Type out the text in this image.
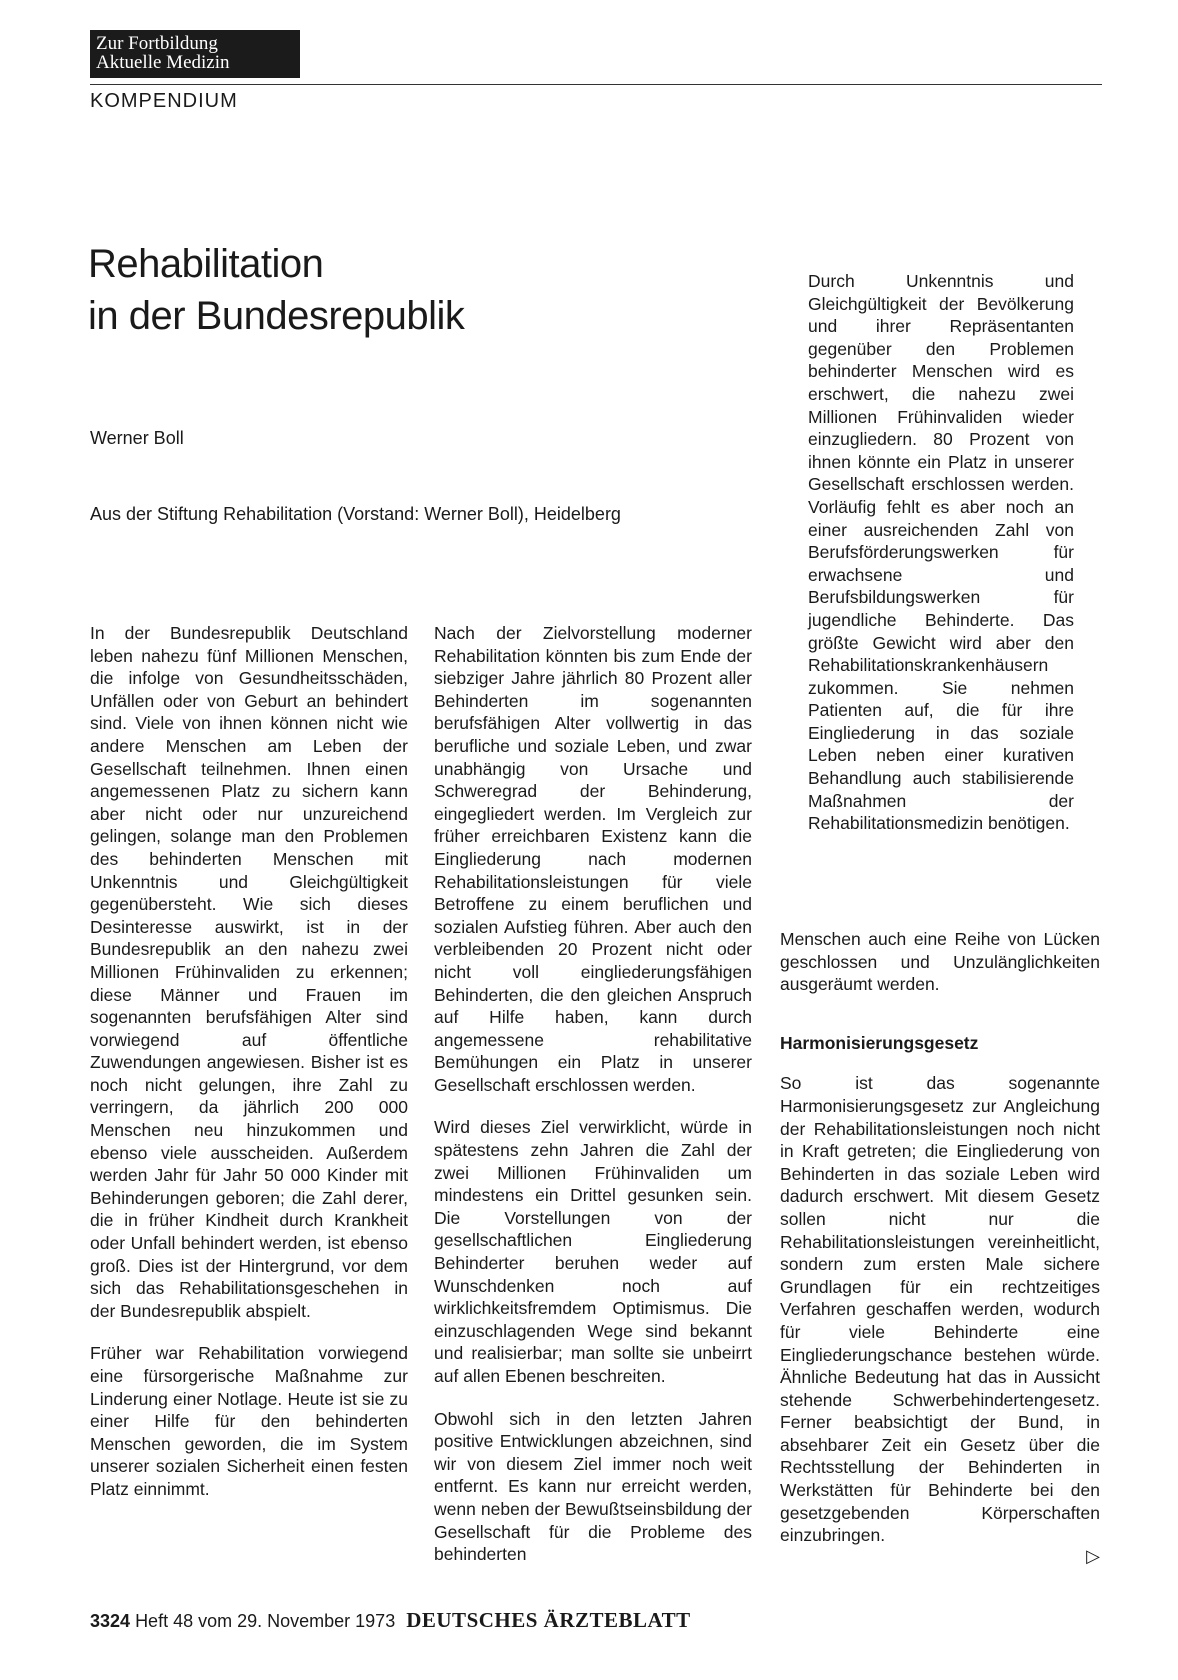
Zur Fortbildung
Aktuelle Medizin
KOMPENDIUM
Rehabilitation
in der Bundesrepublik
Werner Boll
Aus der Stiftung Rehabilitation (Vorstand: Werner Boll), Heidelberg

In der Bundesrepublik Deutschland leben nahezu fünf Millionen Menschen, die infolge von Gesundheitsschäden, Unfällen oder von Geburt an behindert sind. Viele von ihnen können nicht wie andere Menschen am Leben der Gesellschaft teilnehmen. Ihnen einen angemessenen Platz zu sichern kann aber nicht oder nur unzureichend gelingen, solange man den Problemen des behinderten Menschen mit Unkenntnis und Gleichgültigkeit gegenübersteht. Wie sich dieses Desinteresse auswirkt, ist in der Bundesrepublik an den nahezu zwei Millionen Frühinvaliden zu erkennen; diese Männer und Frauen im sogenannten berufsfähigen Alter sind vorwiegend auf öffentliche Zuwendungen angewiesen. Bisher ist es noch nicht gelungen, ihre Zahl zu verringern, da jährlich 200 000 Menschen neu hinzukommen und ebenso viele ausscheiden. Außerdem werden Jahr für Jahr 50 000 Kinder mit Behinderungen geboren; die Zahl derer, die in früher Kindheit durch Krankheit oder Unfall behindert werden, ist ebenso groß. Dies ist der Hintergrund, vor dem sich das Rehabilitationsgeschehen in der Bundesrepublik abspielt.

Früher war Rehabilitation vorwiegend eine fürsorgerische Maßnahme zur Linderung einer Notlage. Heute ist sie zu einer Hilfe für den behinderten Menschen geworden, die im System unserer sozialen Sicherheit einen festen Platz einnimmt.

Nach der Zielvorstellung moderner Rehabilitation könnten bis zum Ende der siebziger Jahre jährlich 80 Prozent aller Behinderten im sogenannten berufsfähigen Alter vollwertig in das berufliche und soziale Leben, und zwar unabhängig von Ursache und Schweregrad der Behinderung, eingegliedert werden. Im Vergleich zur früher erreichbaren Existenz kann die Eingliederung nach modernen Rehabilitationsleistungen für viele Betroffene zu einem beruflichen und sozialen Aufstieg führen. Aber auch den verbleibenden 20 Prozent nicht oder nicht voll eingliederungsfähigen Behinderten, die den gleichen Anspruch auf Hilfe haben, kann durch angemessene rehabilitative Bemühungen ein Platz in unserer Gesellschaft erschlossen werden.

Wird dieses Ziel verwirklicht, würde in spätestens zehn Jahren die Zahl der zwei Millionen Frühinvaliden um mindestens ein Drittel gesunken sein. Die Vorstellungen von der gesellschaftlichen Eingliederung Behinderter beruhen weder auf Wunschdenken noch auf wirklichkeitsfremdem Optimismus. Die einzuschlagenden Wege sind bekannt und realisierbar; man sollte sie unbeirrt auf allen Ebenen beschreiten.

Obwohl sich in den letzten Jahren positive Entwicklungen abzeichnen, sind wir von diesem Ziel immer noch weit entfernt. Es kann nur erreicht werden, wenn neben der Bewußtseinsbildung der Gesellschaft für die Probleme des behinderten

Durch Unkenntnis und Gleichgültigkeit der Bevölkerung und ihrer Repräsentanten gegenüber den Problemen behinderter Menschen wird es erschwert, die nahezu zwei Millionen Frühinvaliden wieder einzugliedern. 80 Prozent von ihnen könnte ein Platz in unserer Gesellschaft erschlossen werden. Vorläufig fehlt es aber noch an einer ausreichenden Zahl von Berufsförderungswerken für erwachsene und Berufsbildungswerken für jugendliche Behinderte. Das größte Gewicht wird aber den Rehabilitationskrankenhäusern zukommen. Sie nehmen Patienten auf, die für ihre Eingliederung in das soziale Leben neben einer kurativen Behandlung auch stabilisierende Maßnahmen der Rehabilitationsmedizin benötigen.

Menschen auch eine Reihe von Lücken geschlossen und Unzulänglichkeiten ausgeräumt werden.

Harmonisierungsgesetz

So ist das sogenannte Harmonisierungsgesetz zur Angleichung der Rehabilitationsleistungen noch nicht in Kraft getreten; die Eingliederung von Behinderten in das soziale Leben wird dadurch erschwert. Mit diesem Gesetz sollen nicht nur die Rehabilitationsleistungen vereinheitlicht, sondern zum ersten Male sichere Grundlagen für ein rechtzeitiges Verfahren geschaffen werden, wodurch für viele Behinderte eine Eingliederungschance bestehen würde. Ähnliche Bedeutung hat das in Aussicht stehende Schwerbehindertengesetz. Ferner beabsichtigt der Bund, in absehbarer Zeit ein Gesetz über die Rechtsstellung der Behinderten in Werkstätten für Behinderte bei den gesetzgebenden Körperschaften einzubringen.

▷
3324 Heft 48 vom 29. November 1973 DEUTSCHES ÄRZTEBLATT
